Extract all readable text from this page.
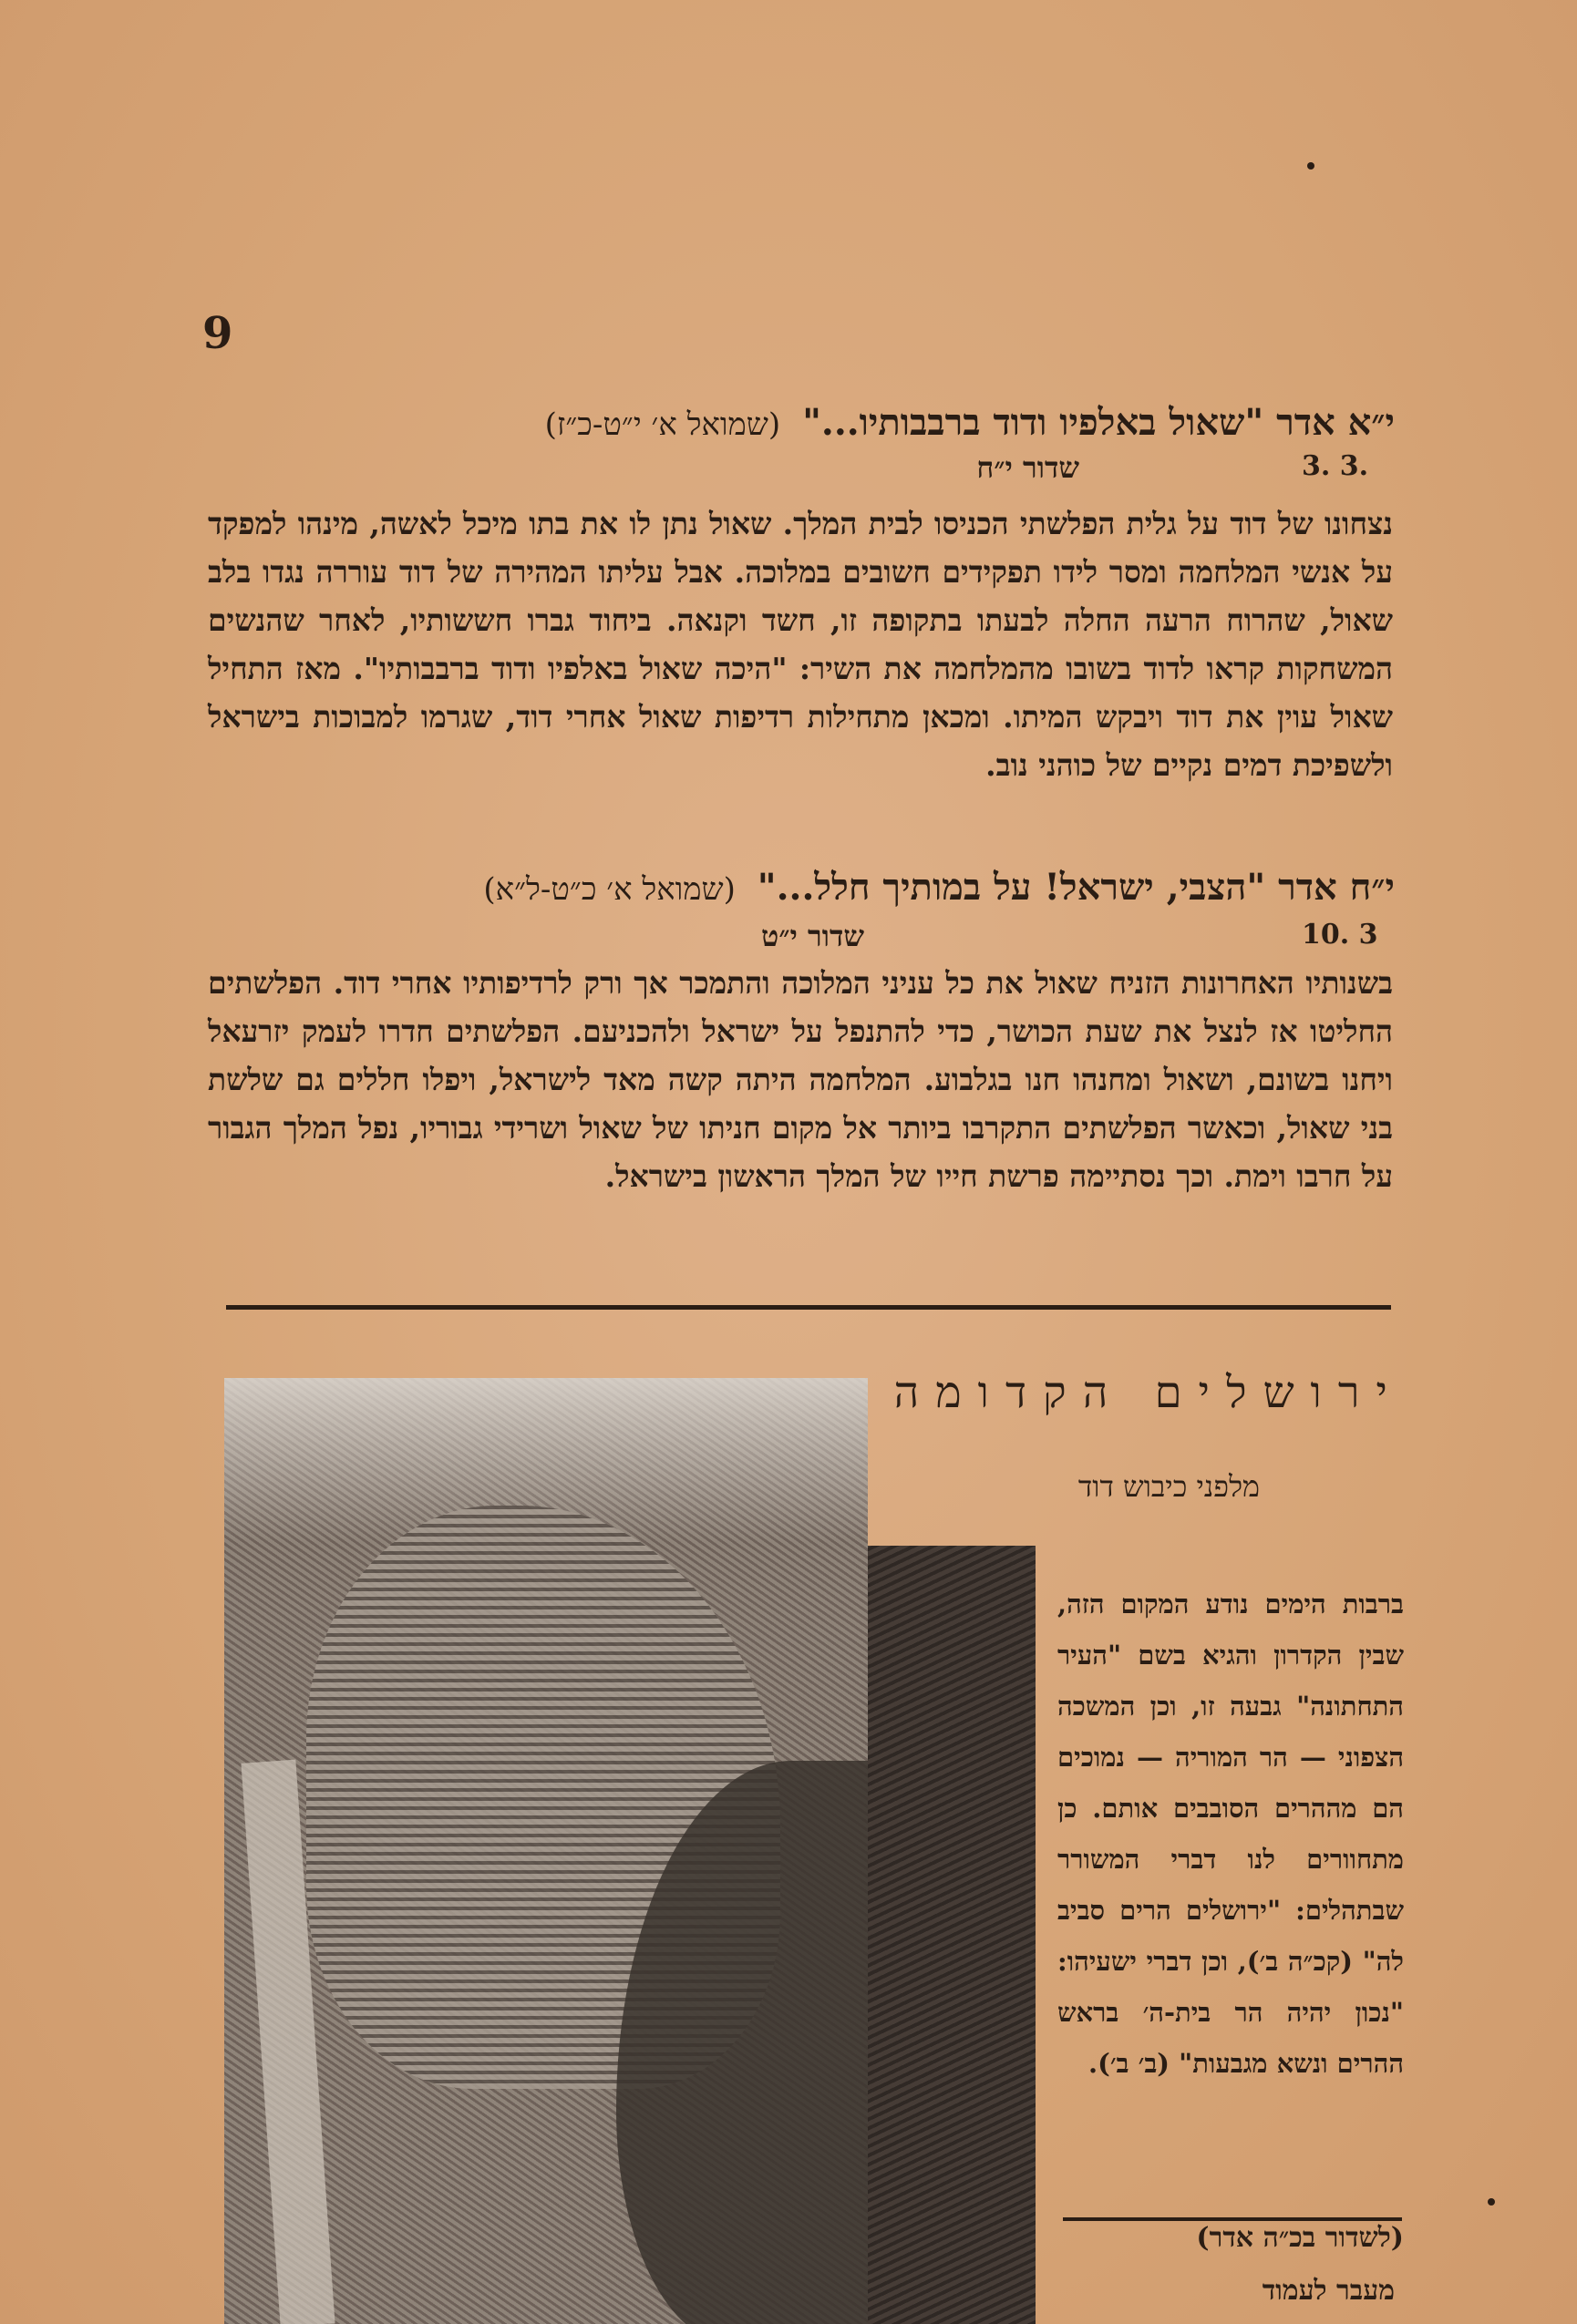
9
י״א אדר "שאול באלפיו ודוד ברבבותיו..." (שמואל א׳ י״ט-כ״ז)
שדור י״ח	3. 3.
נצחונו של דוד על גלית הפלשתי הכניסו לבית המלך. שאול נתן לו את בתו מיכל לאשה, מינהו למפקד על אנשי המלחמה ומסר לידו תפקידים חשובים במלוכה. אבל עליתו המהירה של דוד עוררה נגדו בלב שאול, שהרוח הרעה החלה לבעתו בתקופה זו, חשד וקנאה. ביחוד גברו חששותיו, לאחר שהנשים המשחקות קראו לדוד בשובו מהמלחמה את השיר: "היכה שאול באלפיו ודוד ברבבותיו". מאז התחיל שאול עוין את דוד ויבקש המיתו. ומכאן מתחילות רדיפות שאול אחרי דוד, שגרמו למבוכות בישראל ולשפיכת דמים נקיים של כוהני נוב.
י״ח אדר "הצבי, ישראל! על במותיך חלל..." (שמואל א׳ כ״ט-ל״א)
שדור י״ט	10. 3
בשנותיו האחרונות הזניח שאול את כל עניני המלוכה והתמכר אך ורק לרדיפותיו אחרי דוד. הפלשתים החליטו אז לנצל את שעת הכושר, כדי להתנפל על ישראל ולהכניעם. הפלשתים חדרו לעמק יזרעאל ויחנו בשונם, ושאול ומחנהו חנו בגלבוע. המלחמה היתה קשה מאד לישראל, ויפלו חללים גם שלשת בני שאול, וכאשר הפלשתים התקרבו ביותר אל מקום חניתו של שאול ושרידי גבוריו, נפל המלך הגבור על חרבו וימת. וכך נסתיימה פרשת חייו של המלך הראשון בישראל.
ירושלים הקדומה
מלפני כיבוש דוד
ברבות הימים נודע המקום הזה, שבין הקדרון והגיא בשם "העיר התחתונה" גבעה זו, וכן המשכה הצפוני — הר המוריה — נמוכים הם מההרים הסובבים אותם. כן מתחוורים לנו דברי המשורר שבתהלים: "ירושלים הרים סביב לה" (קכ״ה ב׳), וכן דברי ישעיהו: "נכון יהיה הר בית-ה׳ בראש ההרים ונשא מגבעות" (ב׳ ב׳).
(לשדור בכ״ה אדר)
מעבר לעמוד
